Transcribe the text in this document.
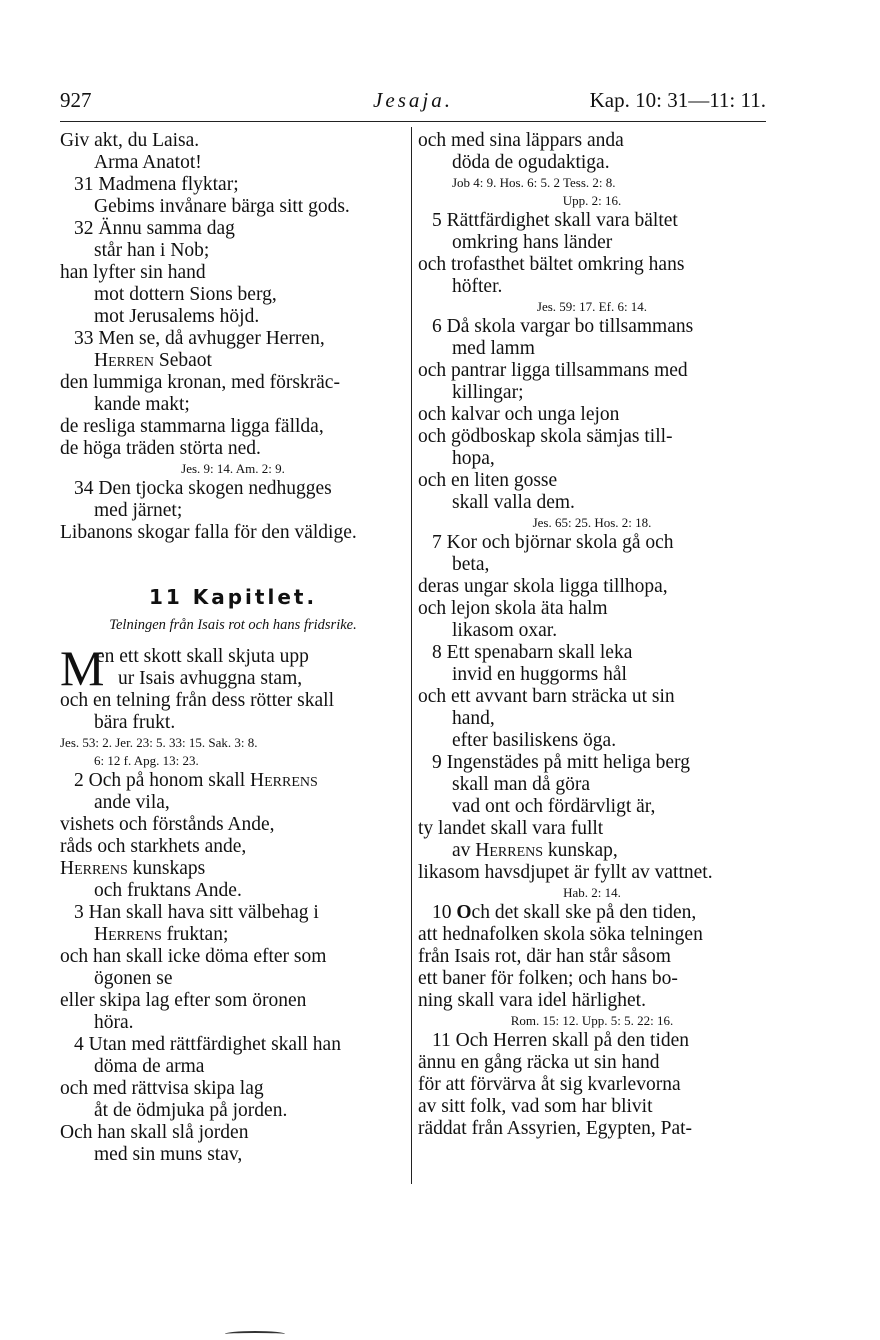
927	Jesaja.	Kap. 10: 31—11: 11.
Giv akt, du Laisa.
Arma Anatot!
31 Madmena flyktar;
Gebims invånare bärga sitt gods.
32 Ännu samma dag
står han i Nob;
han lyfter sin hand
mot dottern Sions berg,
mot Jerusalems höjd.
33 Men se, då avhugger Herren,
Herren Sebaot
den lummiga kronan, med förskräc-
kande makt;
de resliga stammarna ligga fällda,
de höga träden störta ned.
Jes. 9: 14. Am. 2: 9.
34 Den tjocka skogen nedhugges
med järnet;
Libanons skogar falla för den väldige.
11 Kapitlet.
Telningen från Isais rot och hans fridsrike.
M
en ett skott skall skjuta upp
ur Isais avhuggna stam,
och en telning från dess rötter skall
bära frukt.
Jes. 53: 2. Jer. 23: 5. 33: 15. Sak. 3: 8.
6: 12 f. Apg. 13: 23.
2 Och på honom skall Herrens
ande vila,
vishets och förstånds Ande,
råds och starkhets ande,
Herrens kunskaps
och fruktans Ande.
3 Han skall hava sitt välbehag i
Herrens fruktan;
och han skall icke döma efter som
ögonen se
eller skipa lag efter som öronen
höra.
4 Utan med rättfärdighet skall han
döma de arma
och med rättvisa skipa lag
åt de ödmjuka på jorden.
Och han skall slå jorden
med sin muns stav,
och med sina läppars anda
döda de ogudaktiga.
Job 4: 9. Hos. 6: 5. 2 Tess. 2: 8.
Upp. 2: 16.
5 Rättfärdighet skall vara bältet
omkring hans länder
och trofasthet bältet omkring hans
höfter.
Jes. 59: 17. Ef. 6: 14.
6 Då skola vargar bo tillsammans
med lamm
och pantrar ligga tillsammans med
killingar;
och kalvar och unga lejon
och gödboskap skola sämjas till-
hopa,
och en liten gosse
skall valla dem.
Jes. 65: 25. Hos. 2: 18.
7 Kor och björnar skola gå och
beta,
deras ungar skola ligga tillhopa,
och lejon skola äta halm
likasom oxar.
8 Ett spenabarn skall leka
invid en huggorms hål
och ett avvant barn sträcka ut sin
hand,
efter basiliskens öga.
9 Ingenstädes på mitt heliga berg
skall man då göra
vad ont och fördärvligt är,
ty landet skall vara fullt
av Herrens kunskap,
likasom havsdjupet är fyllt av vattnet.
Hab. 2: 14.
10 Och det skall ske på den tiden,
att hednafolken skola söka telningen
från Isais rot, där han står såsom
ett baner för folken; och hans bo-
ning skall vara idel härlighet.
Rom. 15: 12. Upp. 5: 5. 22: 16.
11 Och Herren skall på den tiden
ännu en gång räcka ut sin hand
för att förvärva åt sig kvarlevorna
av sitt folk, vad som har blivit
räddat från Assyrien, Egypten, Pat-
